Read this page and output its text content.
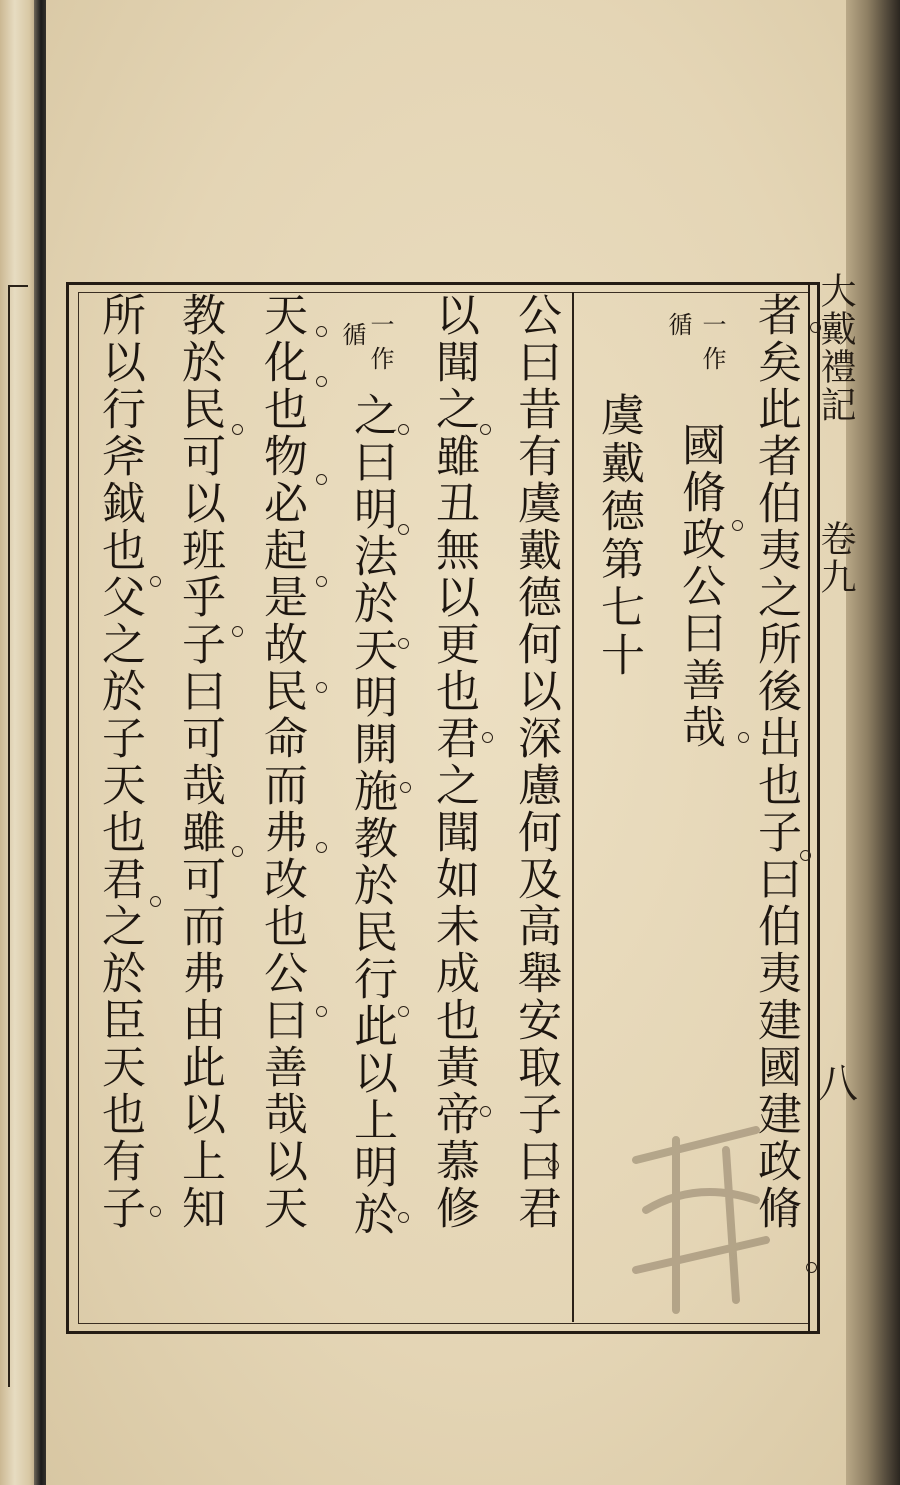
大戴禮記
卷九
八

者矣此者伯夷之所後出也子曰伯夷建國建政脩

一作
循

國脩政公曰善哉

虞戴德第七十

公曰昔有虞戴德何以深慮何及高舉安取子曰君

以聞之雖丑無以更也君之聞如未成也黃帝慕修

一作
循

之曰明法於天明開施教於民行此以上明於

天化也物必起是故民命而弗改也公曰善哉以天

教於民可以班乎子曰可哉雖可而弗由此以上知

所以行斧鉞也父之於子天也君之於臣天也有子
